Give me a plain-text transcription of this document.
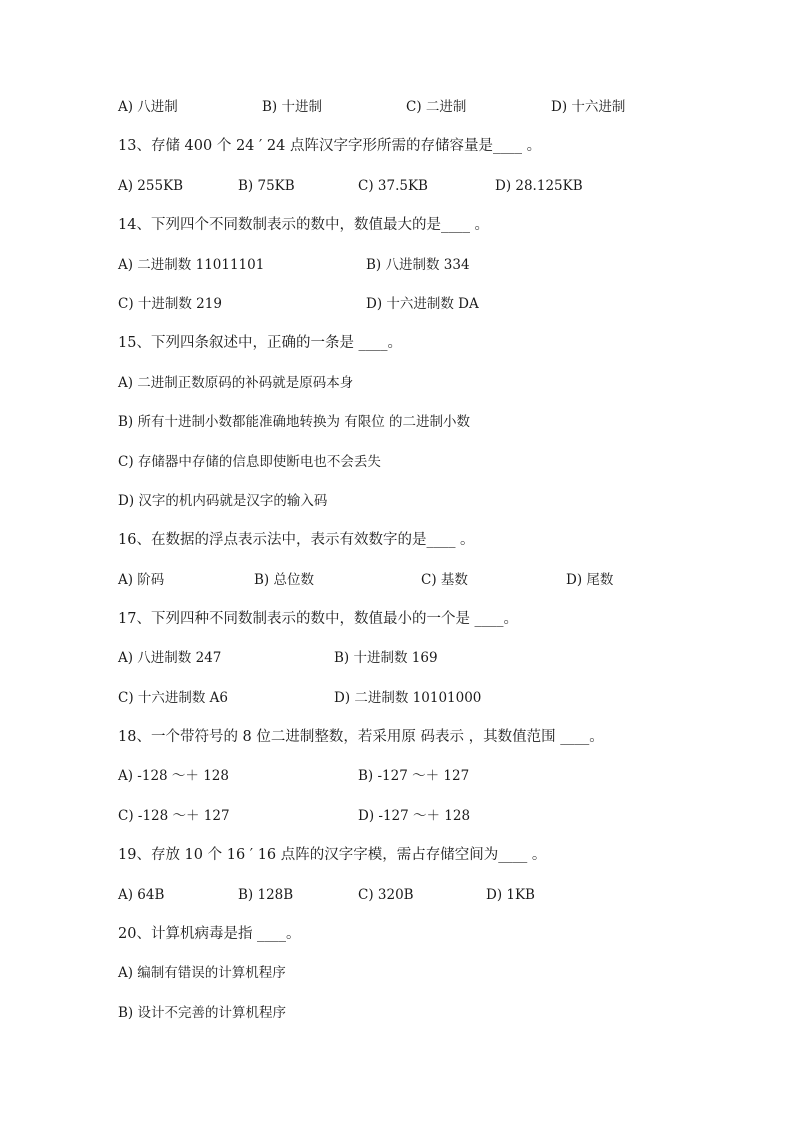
A) 八进制	B) 十进制	C) 二进制	D) 十六进制
13、存储 400 个 24 ′ 24 点阵汉字字形所需的存储容量是____ 。
A) 255KB	B) 75KB	C) 37.5KB	D) 28.125KB
14、下列四个不同数制表示的数中，数值最大的是____ 。
A) 二进制数 11011101	B) 八进制数 334
C) 十进制数 219	D) 十六进制数 DA
15、下列四条叙述中，正确的一条是 ____。
A) 二进制正数原码的补码就是原码本身
B) 所有十进制小数都能准确地转换为 有限位 的二进制小数
C) 存储器中存储的信息即使断电也不会丢失
D) 汉字的机内码就是汉字的输入码
16、在数据的浮点表示法中，表示有效数字的是____ 。
A) 阶码	B) 总位数	C) 基数	D) 尾数
17、下列四种不同数制表示的数中，数值最小的一个是 ____。
A) 八进制数 247	B) 十进制数 169
C) 十六进制数 A6	D) 二进制数 10101000
18、一个带符号的 8 位二进制整数，若采用原 码表示 ，其数值范围 ____。
A) -128 ～＋ 128	B) -127 ～＋ 127
C) -128 ～＋ 127	D) -127 ～＋ 128
19、存放 10 个 16 ′ 16 点阵的汉字字模，需占存储空间为____ 。
A) 64B	B) 128B	C) 320B	D) 1KB
20、计算机病毒是指 ____。
A) 编制有错误的计算机程序
B) 设计不完善的计算机程序
